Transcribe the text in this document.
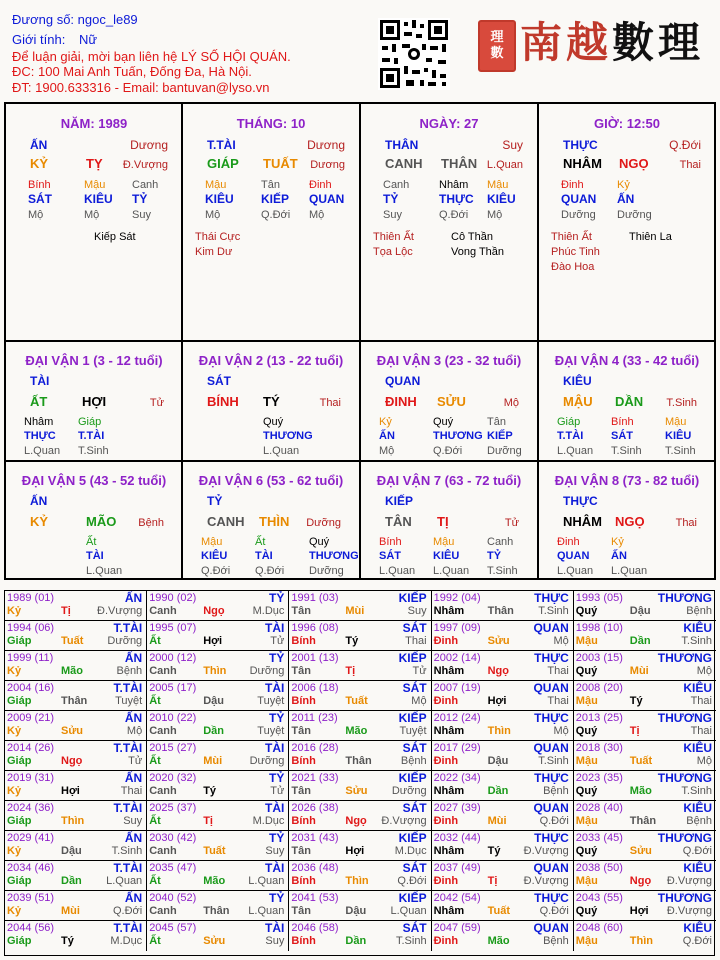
Đương số: ngoc_le89
Giới tính: Nữ
Để luận giải, mời bạn liên hệ LÝ SỐ HỘI QUÁN.
ĐC: 100 Mai Anh Tuấn, Đống Đa, Hà Nội.
ĐT: 1900.633316 - Email: bantuvan@lyso.vn
理
數 南越數理
NĂM: 1989
Dương
ẤN
KỶ	TỴ Đ.Vượng
Bính
SÁT
Mộ
Mậu
KIÊU
Mộ
Canh
TỶ
Suy
Kiếp Sát
THÁNG: 10
Dương
T.TÀI
GIÁP TUẤT Dương
Mậu
KIÊU
Mộ
Tân
KIẾP
Q.Đới
Đinh
QUAN
Mộ
Thái Cực
Kim Dư
NGÀY: 27
Suy
THÂN
CANH THÂN L.Quan
Canh
TỶ
Suy
Nhâm
THỰC
Q.Đới
Mậu
KIÊU
Mộ
Thiên Ất	Cô Thần
Tọa Lộc	Vong Thần
GIỜ: 12:50
Q.Đới
THỰC
NHÂM NGỌ	Thai
Đinh
QUAN
Dưỡng
Kỷ
ẤN
Dưỡng
Thiên Ất	Thiên La
Phúc Tinh
Đào Hoa
ĐẠI VẬN 1 (3 - 12 tuổi)
TÀI
ẤT	HỢI	Tử
Nhâm
THỰC
L.Quan
Giáp
T.TÀI
T.Sinh
ĐẠI VẬN 2 (13 - 22 tuổi)
SÁT
BÍNH TÝ	Thai
Quý
THƯƠNG
L.Quan
ĐẠI VẬN 3 (23 - 32 tuổi)
QUAN
ĐINH SỬU	Mộ
Kỷ
ẤN
Mộ
Quý
THƯƠNG
Q.Đới
Tân
KIẾP
Dưỡng
ĐẠI VẬN 4 (33 - 42 tuổi)
KIÊU
MẬU DẦN T.Sinh
Giáp
T.TÀI
L.Quan
Bính
SÁT
T.Sinh
Mậu
KIÊU
T.Sinh
ĐẠI VẬN 5 (43 - 52 tuổi)
ẤN
KỶ	MÃO Bệnh
Ất
TÀI
L.Quan
ĐẠI VẬN 6 (53 - 62 tuổi)
TỶ
CANH THÌN Dưỡng
Mậu
KIÊU
Q.Đới
Ất
TÀI
Q.Đới
Quý
THƯƠNG
Dưỡng
ĐẠI VẬN 7 (63 - 72 tuổi)
KIẾP
TÂN TỊ	Tử
Bính
SÁT
L.Quan
Mậu
KIÊU
L.Quan
Canh
TỶ
T.Sinh
ĐẠI VẬN 8 (73 - 82 tuổi)
THỰC
NHÂM NGỌ	Thai
Đinh
QUAN
L.Quan
Kỷ
ẤN
L.Quan
1989 (01)	ẤN
Kỷ	Tị Đ.Vượng
1990 (02)	TỶ
Canh Ngọ	M.Dục
1991 (03)	KIẾP
Tân	Mùi	Suy
1992 (04)	THỰC
Nhâm Thân T.Sinh
1993 (05)	THƯƠNG
Quý	Dậu	Bệnh
1994 (06)	T.TÀI
Giáp	Tuất Dưỡng
1995 (07)	TÀI
Ất	Hợi	Tử
1996 (08)	SÁT
Bính	Tý	Thai
1997 (09)	QUAN
Đinh	Sửu	Mộ
1998 (10)	KIÊU
Mậu	Dần	T.Sinh
1999 (11)	ẤN
Kỷ	Mão	Bệnh
2000 (12)	TỶ
Canh Thìn Dưỡng
2001 (13)	KIẾP
Tân	Tị	Tử
2002 (14)	THỰC
Nhâm Ngọ	Thai
2003 (15)	THƯƠNG
Quý	Mùi	Mộ
2004 (16)	T.TÀI
Giáp	Thân	Tuyệt
2005 (17)	TÀI
Ất	Dậu	Tuyệt
2006 (18)	SÁT
Bính	Tuất	Mộ
2007 (19)	QUAN
Đinh	Hợi	Thai
2008 (20)	KIÊU
Mậu	Tý	Thai
2009 (21)	ẤN
Kỷ	Sửu	Mộ
2010 (22)	TỶ
Canh Dần	Tuyệt
2011 (23)	KIẾP
Tân	Mão	Tuyệt
2012 (24)	THỰC
Nhâm Thìn	Mộ
2013 (25)	THƯƠNG
Quý	Tị	Thai
2014 (26)	T.TÀI
Giáp	Ngọ	Tử
2015 (27)	TÀI
Ất	Mùi Dưỡng
2016 (28)	SÁT
Bính	Thân	Bệnh
2017 (29)	QUAN
Đinh	Dậu	T.Sinh
2018 (30)	KIÊU
Mậu	Tuất	Mộ
2019 (31)	ẤN
Kỷ	Hợi	Thai
2020 (32)	TỶ
Canh Tý	Tử
2021 (33)	KIẾP
Tân	Sửu Dưỡng
2022 (34)	THỰC
Nhâm Dần	Bệnh
2023 (35)	THƯƠNG
Quý	Mão	T.Sinh
2024 (36)	T.TÀI
Giáp	Thìn	Suy
2025 (37)	TÀI
Ất	Tị	M.Dục
2026 (38)	SÁT
Bính	Ngọ Đ.Vượng
2027 (39)	QUAN
Đinh	Mùi	Q.Đới
2028 (40)	KIÊU
Mậu	Thân	Bệnh
2029 (41)	ẤN
Kỷ	Dậu	T.Sinh
2030 (42)	TỶ
Canh Tuất	Suy
2031 (43)	KIẾP
Tân	Hợi	M.Dục
2032 (44)	THỰC
Nhâm Tý Đ.Vượng
2033 (45)	THƯƠNG
Quý	Sửu	Q.Đới
2034 (46)	T.TÀI
Giáp	Dần L.Quan
2035 (47)	TÀI
Ất	Mão L.Quan
2036 (48)	SÁT
Bính	Thìn	Q.Đới
2037 (49)	QUAN
Đinh	Tị Đ.Vượng
2038 (50)	KIÊU
Mậu	Ngọ Đ.Vượng
2039 (51)	ẤN
Kỷ	Mùi	Q.Đới
2040 (52)	TỶ
Canh Thân L.Quan
2041 (53)	KIẾP
Tân	Dậu L.Quan
2042 (54)	THỰC
Nhâm Tuất	Q.Đới
2043 (55)	THƯƠNG
Quý	Hợi Đ.Vượng
2044 (56)	T.TÀI
Giáp	Tý	M.Dục
2045 (57)	TÀI
Ất	Sửu	Suy
2046 (58)	SÁT
Bính	Dần	T.Sinh
2047 (59)	QUAN
Đinh	Mão	Bệnh
2048 (60)	KIÊU
Mậu	Thìn	Q.Đới
